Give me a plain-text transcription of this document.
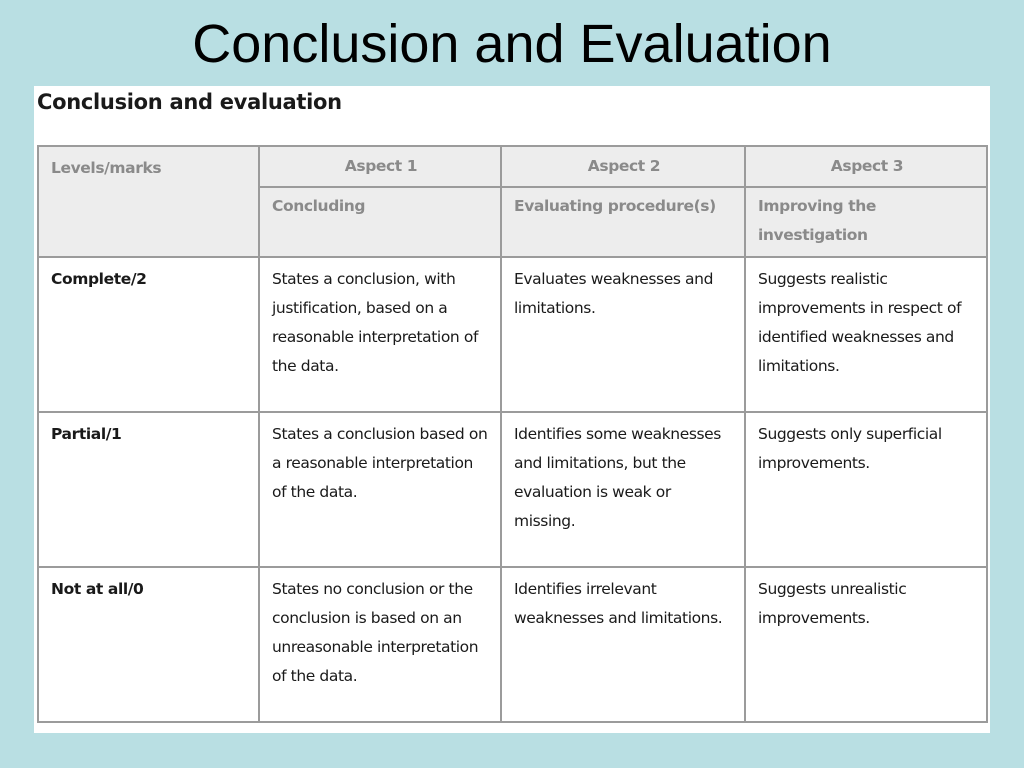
Conclusion and Evaluation
Conclusion and evaluation
Levels/marks	Aspect 1	Aspect 2	Aspect 3
	Concluding	Evaluating procedure(s)	Improving the investigation
Complete/2	States a conclusion, with justification, based on a reasonable interpretation of the data.	Evaluates weaknesses and limitations.	Suggests realistic improvements in respect of identified weaknesses and limitations.
Partial/1	States a conclusion based on a reasonable interpretation of the data.	Identifies some weaknesses and limitations, but the evaluation is weak or missing.	Suggests only superficial improvements.
Not at all/0	States no conclusion or the conclusion is based on an unreasonable interpretation of the data.	Identifies irrelevant weaknesses and limitations.	Suggests unrealistic improvements.
